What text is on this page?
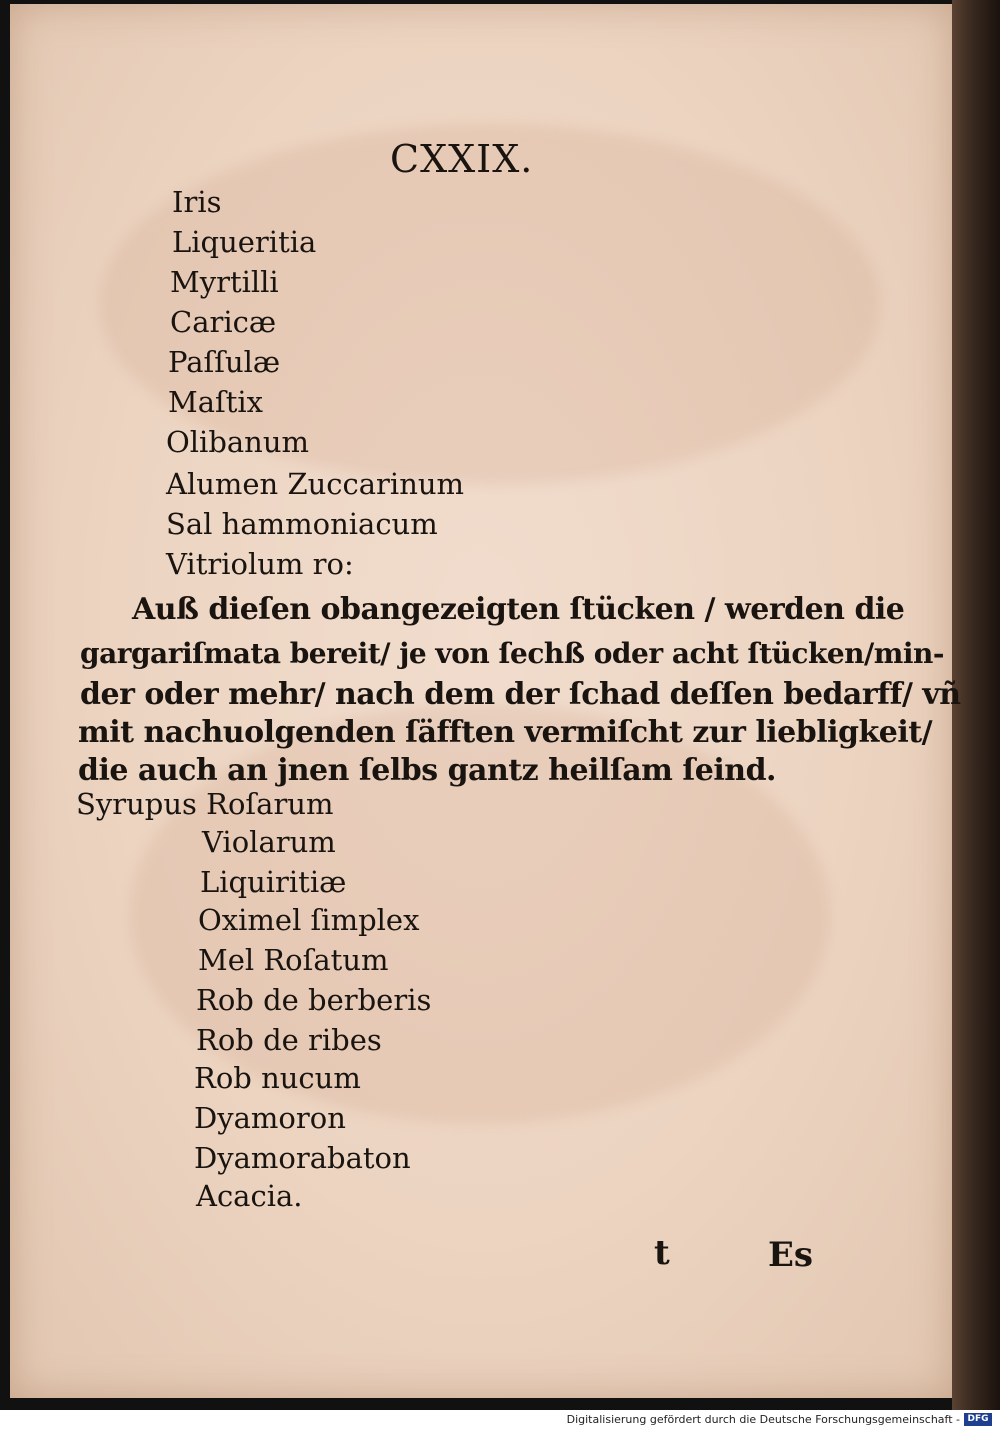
CXXIX.
Iris
Liqueritia
Myrtilli
Caricæ
Paſſulæ
Maſtix
Olibanum
Alumen Zuccarinum
Sal hammoniacum
Vitriolum ro:
Auß dieſen obangezeigten ſtücken / werden die
gargariſmata bereit/ je von ſechß oder acht ſtücken/min-
der oder mehr/ nach dem der ſchad deſſen bedarff/ vñ
mit nachuolgenden ſäfften vermiſcht zur liebligkeit/
die auch an jnen ſelbs gantz heilſam ſeind.
Syrupus Roſarum
Violarum
Liquiritiæ
Oximel ſimplex
Mel Roſatum
Rob de berberis
Rob de ribes
Rob nucum
Dyamoron
Dyamorabaton
Acacia.
t	Es
Digitalisierung gefördert durch die Deutsche Forschungsgemeinschaft - DFG
